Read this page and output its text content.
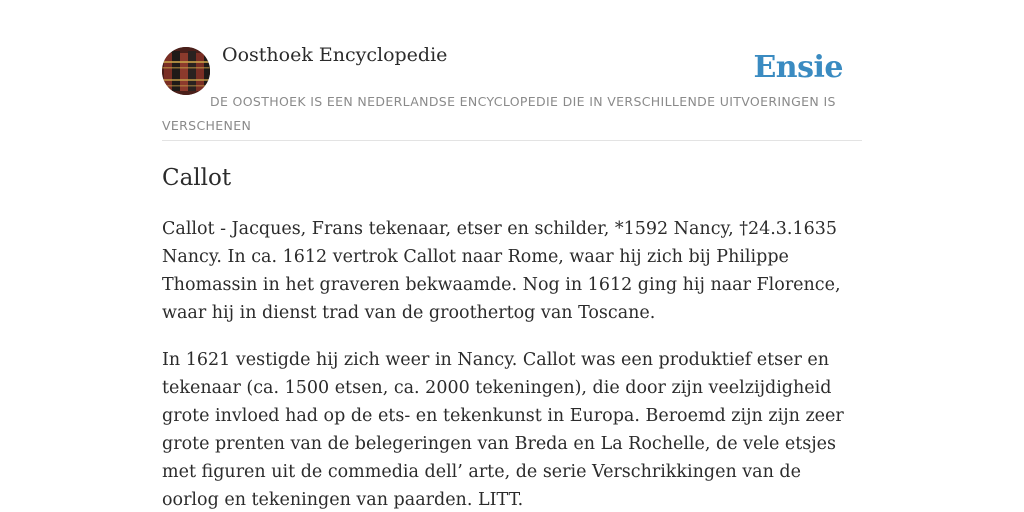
Oosthoek Encyclopedie	Ensie
DE OOSTHOEK IS EEN NEDERLANDSE ENCYCLOPEDIE DIE IN VERSCHILLENDE UITVOERINGEN IS VERSCHENEN
Callot

Callot - Jacques, Frans tekenaar, etser en schilder, *1592 Nancy, †24.3.1635 Nancy. In ca. 1612 vertrok Callot naar Rome, waar hij zich bij Philippe Thomassin in het graveren bekwaamde. Nog in 1612 ging hij naar Florence, waar hij in dienst trad van de groothertog van Toscane.

In 1621 vestigde hij zich weer in Nancy. Callot was een produktief etser en tekenaar (ca. 1500 etsen, ca. 2000 tekeningen), die door zijn veelzijdigheid grote invloed had op de ets- en tekenkunst in Europa. Beroemd zijn zijn zeer grote prenten van de belegeringen van Breda en La Rochelle, de vele etsjes met figuren uit de commedia dell’ arte, de serie Verschrikkingen van de oorlog en tekeningen van paarden. LITT.
